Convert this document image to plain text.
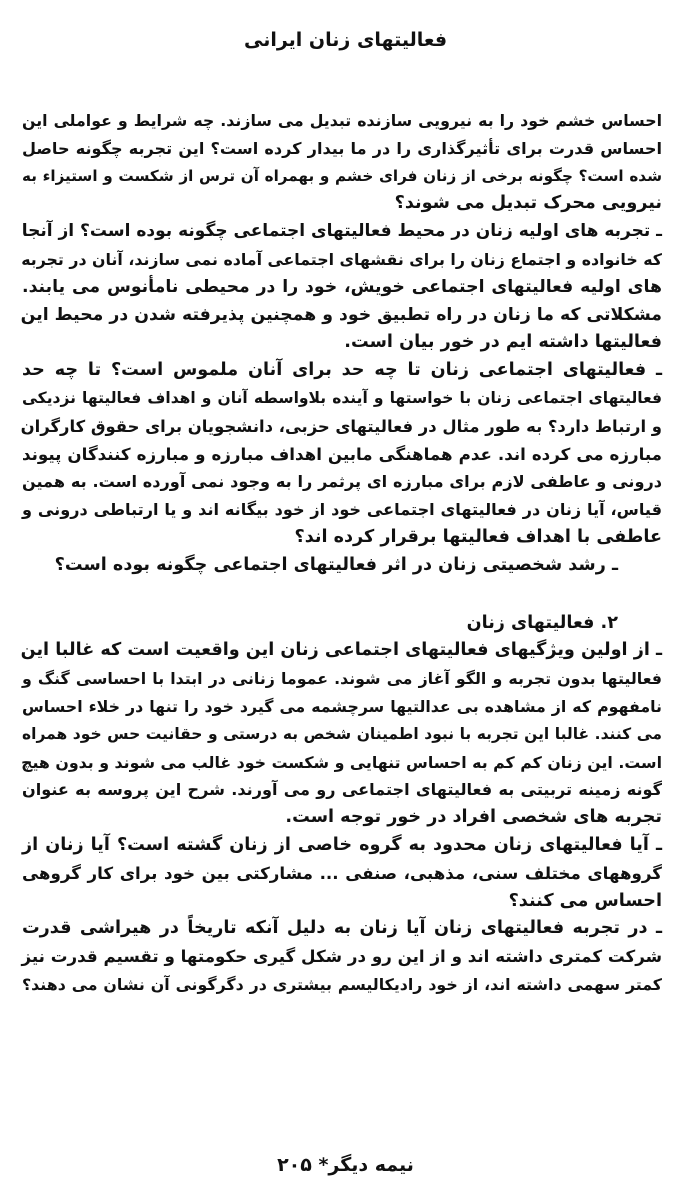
فعالیتهای زنان ایرانی
احساس خشم خود را به نیرویی سازنده تبدیل می سازند. چه شرایط و عواملی این
احساس قدرت برای تأثیرگذاری را در ما بیدار کرده است؟ این تجربه چگونه حاصل
شده است؟ چگونه برخی از زنان فرای خشم و بهمراه آن ترس از شکست و استیزاء به
نیرویی محرک تبدیل می شوند؟
ـ تجربه های اولیه زنان در محیط فعالیتهای اجتماعی چگونه بوده است؟ از آنجا
که خانواده و اجتماع زنان را برای نقشهای اجتماعی آماده نمی سازند، آنان در تجربه
های اولیه فعالیتهای اجتماعی خویش، خود را در محیطی نامأنوس می یابند.
مشکلاتی که ما زنان در راه تطبیق خود و همچنین پذیرفته شدن در محیط این
فعالیتها داشته ایم در خور بیان است.
ـ فعالیتهای اجتماعی زنان تا چه حد برای آنان ملموس است؟ تا چه حد
فعالیتهای اجتماعی زنان با خواستها و آینده بلاواسطه آنان و اهداف فعالیتها نزدیکی
و ارتباط دارد؟ به طور مثال در فعالیتهای حزبی، دانشجویان برای حقوق کارگران
مبارزه می کرده اند. عدم هماهنگی مابین اهداف مبارزه و مبارزه کنندگان پیوند
درونی و عاطفی لازم برای مبارزه ای پرثمر را به وجود نمی آورده است. به همین
قیاس، آیا زنان در فعالیتهای اجتماعی خود از خود بیگانه اند و یا ارتباطی درونی و
عاطفی با اهداف فعالیتها برقرار کرده اند؟
ـ رشد شخصیتی زنان در اثر فعالیتهای اجتماعی چگونه بوده است؟
۲. فعالیتهای زنان
ـ از اولین ویژگیهای فعالیتهای اجتماعی زنان این واقعیت است که غالبا این
فعالیتها بدون تجربه و الگو آغاز می شوند. عموما زنانی در ابتدا با احساسی گنگ و
نامفهوم که از مشاهده بی عدالتیها سرچشمه می گیرد خود را تنها در خلاء احساس
می کنند. غالبا این تجربه با نبود اطمینان شخص به درستی و حقانیت حس خود همراه
است. این زنان کم کم به احساس تنهایی و شکست خود غالب می شوند و بدون هیچ
گونه زمینه تربیتی به فعالیتهای اجتماعی رو می آورند. شرح این پروسه به عنوان
تجربه های شخصی افراد در خور توجه است.
ـ آیا فعالیتهای زنان محدود به گروه خاصی از زنان گشته است؟ آیا زنان از
گروههای مختلف سنی، مذهبی، صنفی ... مشارکتی بین خود برای کار گروهی
احساس می کنند؟
ـ در تجربه فعالیتهای زنان آیا زنان به دلیل آنکه تاریخاً در هیراشی قدرت
شرکت کمتری داشته اند و از این رو در شکل گیری حکومتها و تقسیم قدرت نیز
کمتر سهمی داشته اند، از خود رادیکالیسم بیشتری در دگرگونی آن نشان می دهند؟
نیمه دیگر* ۲۰۵
